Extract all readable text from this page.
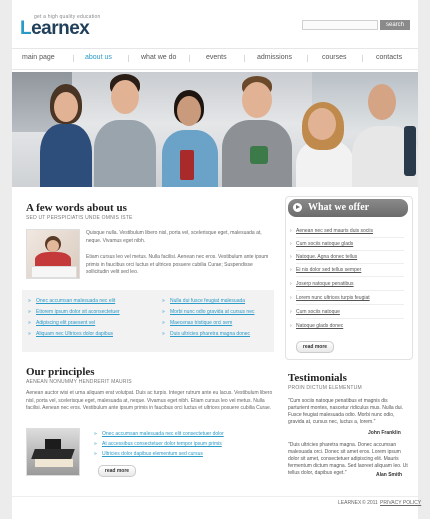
get a high quality education
Learnex	search
main page	about us	what we do	events	admissions	courses	contacts
A few words about us
SED UT PERSPICIATIS UNDE OMNIS ISTE
Quisque nulla. Vestibulum libero nisl, porta vel, scelerisque eget, malesuada at, neque. Vivamus eget nibh.
Etiam cursus leo vel metus. Nulla facilisi. Aenean nec eros. Vestibulum ante ipsum primis in faucibus orci luctus et ultrices posuere cubilia Curae; Suspendisse sollicitudin velit sed leo.
» Onec accumsan malesuada nec elit
» Etiorem ipsum dolor sit aconsectetuer
» Adipiscing elit praesent vel
» Aliquam nec Ultrices dolor dapibus
» Nulla dui fusce feugiat malesuada
» Morbi nunc odio gravida at cursus nec
» Maecenas tristique orci sem
» Duis ultricies pharetra magna donec
Our principles
AENEAN NONUMMY HENDRERIT MAURIS
Aenean auctor wisi et urna aliquam erat volutpat. Duis ac turpis. Integer rutrum ante eu lacus. Vestibulum libero nisl, porta vel, scelerisque eget, malesuada at, neque. Vivamus eget nibh. Etiam cursus leo vel metus. Nulla facilisi. Aenean nec eros. Vestibulum ante ipsum primis in faucibus orci luctus et ultrices posuere cubilia Curae.
» Onec accumsan malesuada nec elit consectetuer dolor
» At accessibus consectetuer dolor tempor ipsum primis
» Ultricies dolor dapibus elementum sed cursus
read more
What we offer
› Aenean nec sed mauris duis sociis
› Cum sociis natoque glads
› Natoque. Agna donec tellus
› Ei nis dolor sed tellus semper
› Joserp natoque penatibus
› Lorem nunc ultrices turpis feugiat
› Cum sociis natoque
› Natoque glads donec
read more
Testimonials
PROIN DICTUM ELEMENTUM
"Cum sociis natoque penatibus et magnis dis parturient montes, nascetur ridiculus mus. Nulla dui. Fusce feugiat malesuada odio. Morbi nunc odio, gravida at, cursus nec, luctus a, lorem."
John Franklin
"Duis ultricies pharetra magna. Donec accumsan malesuada orci. Donec sit amet eros. Lorem ipsum dolor sit amet, consectetuer adipiscing elit. Mauris fermentum dictum magna. Sed laoreet aliquam leo. Ut tellus dolor, dapibus eget."	Alan Smith
LEARNEX © 2011 PRIVACY POLICY
